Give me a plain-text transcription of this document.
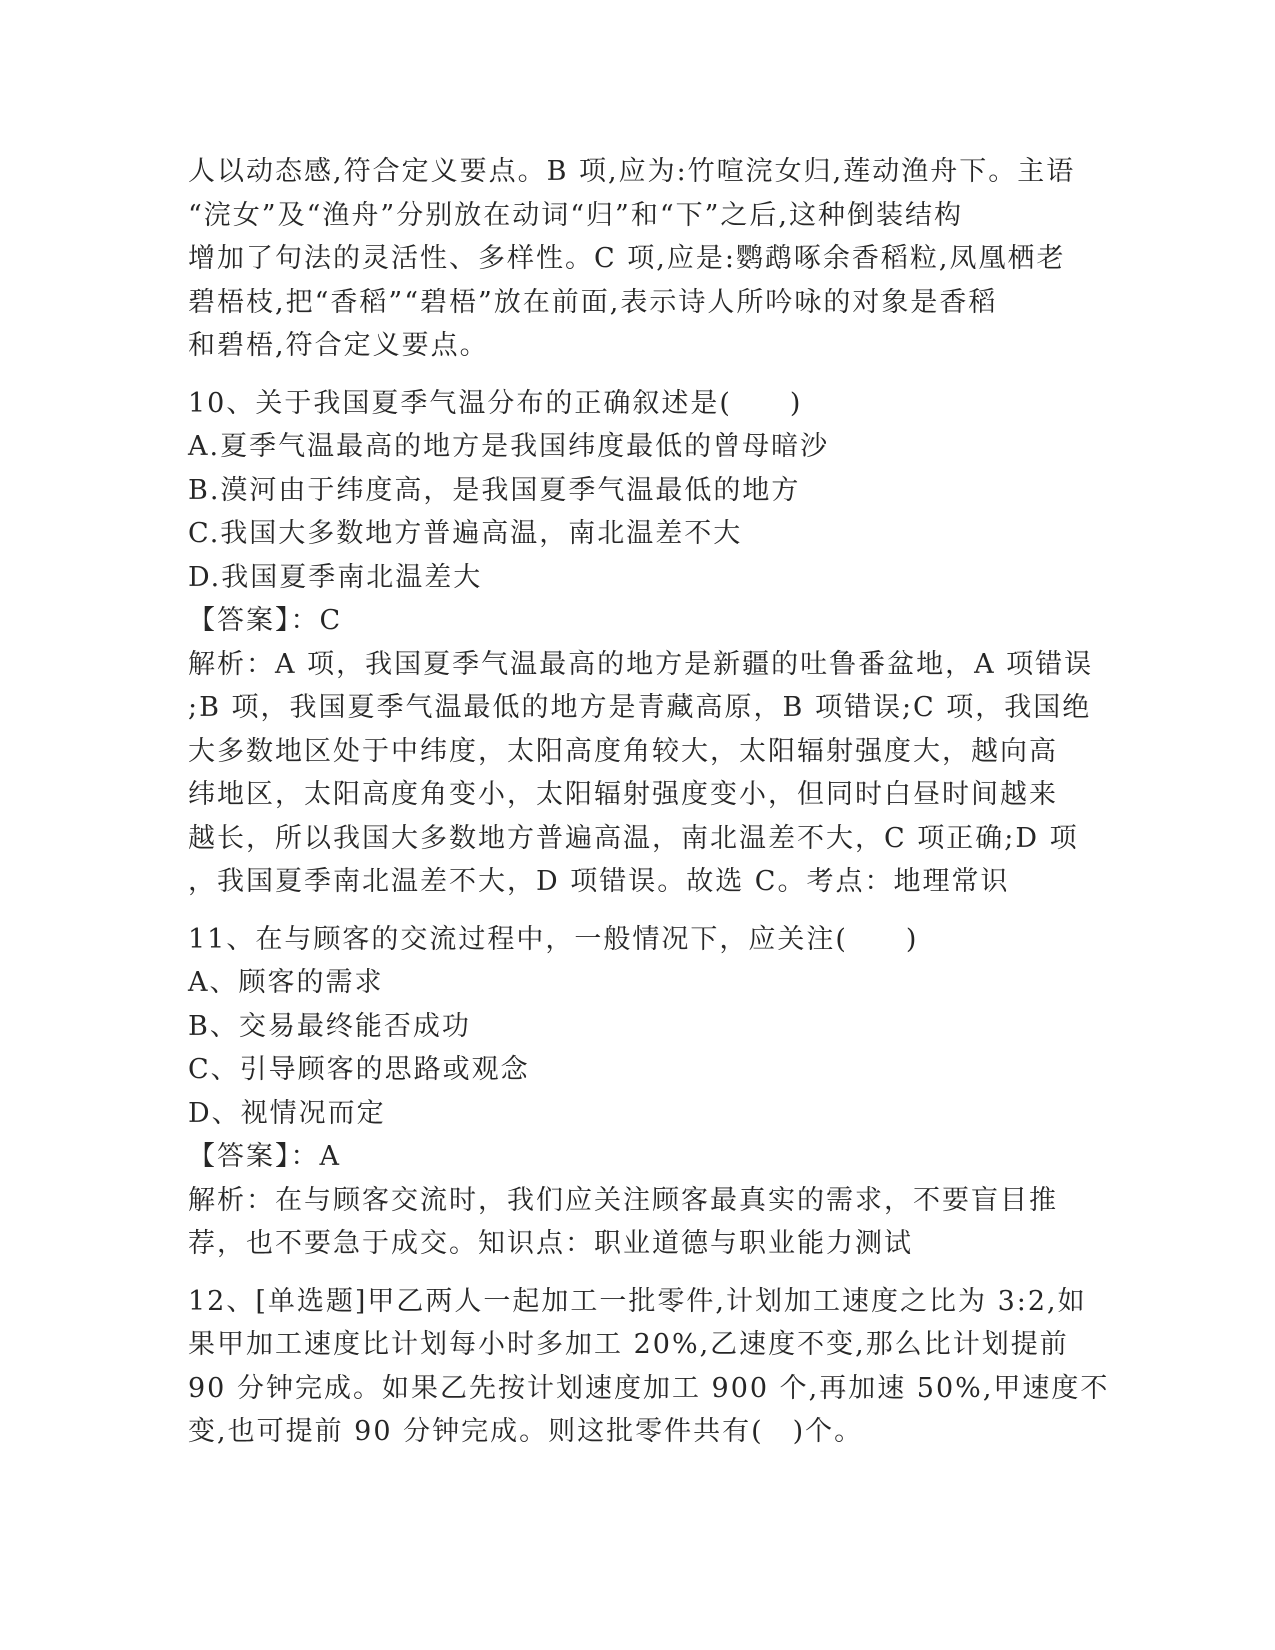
人以动态感,符合定义要点。B 项,应为:竹喧浣女归,莲动渔舟下。主语
“浣女”及“渔舟”分别放在动词“归”和“下”之后,这种倒装结构
增加了句法的灵活性、多样性。C 项,应是:鹦鹉啄余香稻粒,凤凰栖老
碧梧枝,把“香稻”“碧梧”放在前面,表示诗人所吟咏的对象是香稻
和碧梧,符合定义要点。
10、关于我国夏季气温分布的正确叙述是(　　)
A.夏季气温最高的地方是我国纬度最低的曾母暗沙
B.漠河由于纬度高，是我国夏季气温最低的地方
C.我国大多数地方普遍高温，南北温差不大
D.我国夏季南北温差大
【答案】：C
解析：A 项，我国夏季气温最高的地方是新疆的吐鲁番盆地，A 项错误
;B 项，我国夏季气温最低的地方是青藏高原，B 项错误;C 项，我国绝
大多数地区处于中纬度，太阳高度角较大，太阳辐射强度大，越向高
纬地区，太阳高度角变小，太阳辐射强度变小，但同时白昼时间越来
越长，所以我国大多数地方普遍高温，南北温差不大，C 项正确;D 项
，我国夏季南北温差不大，D 项错误。故选 C。考点：地理常识
11、在与顾客的交流过程中，一般情况下，应关注(　　)
A、顾客的需求
B、交易最终能否成功
C、引导顾客的思路或观念
D、视情况而定
【答案】：A
解析：在与顾客交流时，我们应关注顾客最真实的需求，不要盲目推
荐，也不要急于成交。知识点：职业道德与职业能力测试
12、[单选题]甲乙两人一起加工一批零件,计划加工速度之比为 3:2,如
果甲加工速度比计划每小时多加工 20%,乙速度不变,那么比计划提前
90 分钟完成。如果乙先按计划速度加工 900 个,再加速 50%,甲速度不
变,也可提前 90 分钟完成。则这批零件共有(　)个。
